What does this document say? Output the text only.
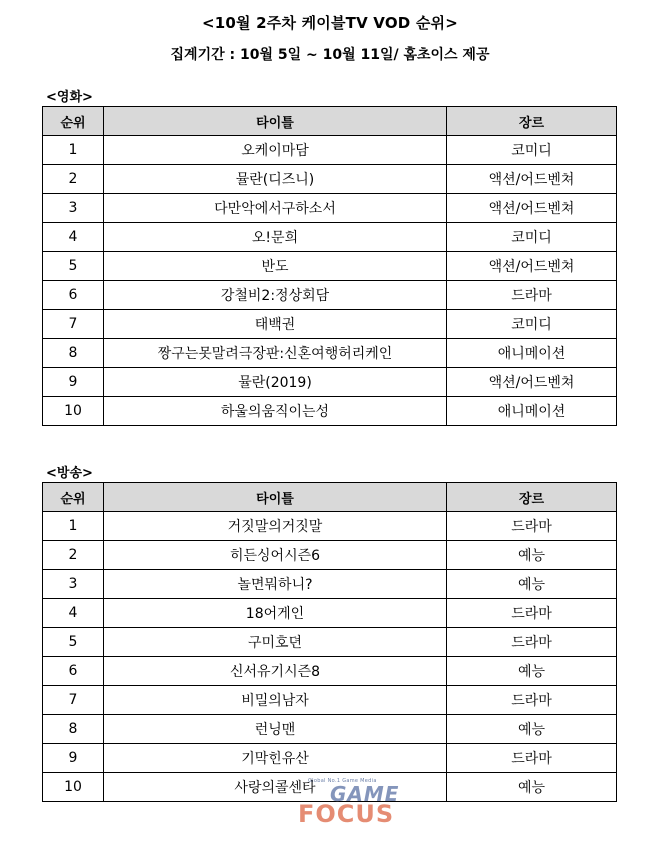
<10월 2주차 케이블TV VOD 순위>
집계기간 : 10월 5일 ~ 10월 11일/ 홈초이스 제공
<영화>
순위	타이틀	장르
1	오케이마담	코미디
2	뮬란(디즈니)	액션/어드벤쳐
3	다만악에서구하소서	액션/어드벤쳐
4	오!문희	코미디
5	반도	액션/어드벤쳐
6	강철비2:정상회담	드라마
7	태백권	코미디
8	짱구는못말려극장판:신혼여행허리케인	애니메이션
9	뮬란(2019)	액션/어드벤쳐
10	하울의움직이는성	애니메이션
<방송>
순위	타이틀	장르
1	거짓말의거짓말	드라마
2	히든싱어시즌6	예능
3	놀면뭐하니?	예능
4	18어게인	드라마
5	구미호뎐	드라마
6	신서유기시즌8	예능
7	비밀의남자	드라마
8	런닝맨	예능
9	기막힌유산	드라마
10	사랑의콜센타	예능
Global No.1 Game Media
GAME
FOCUS
